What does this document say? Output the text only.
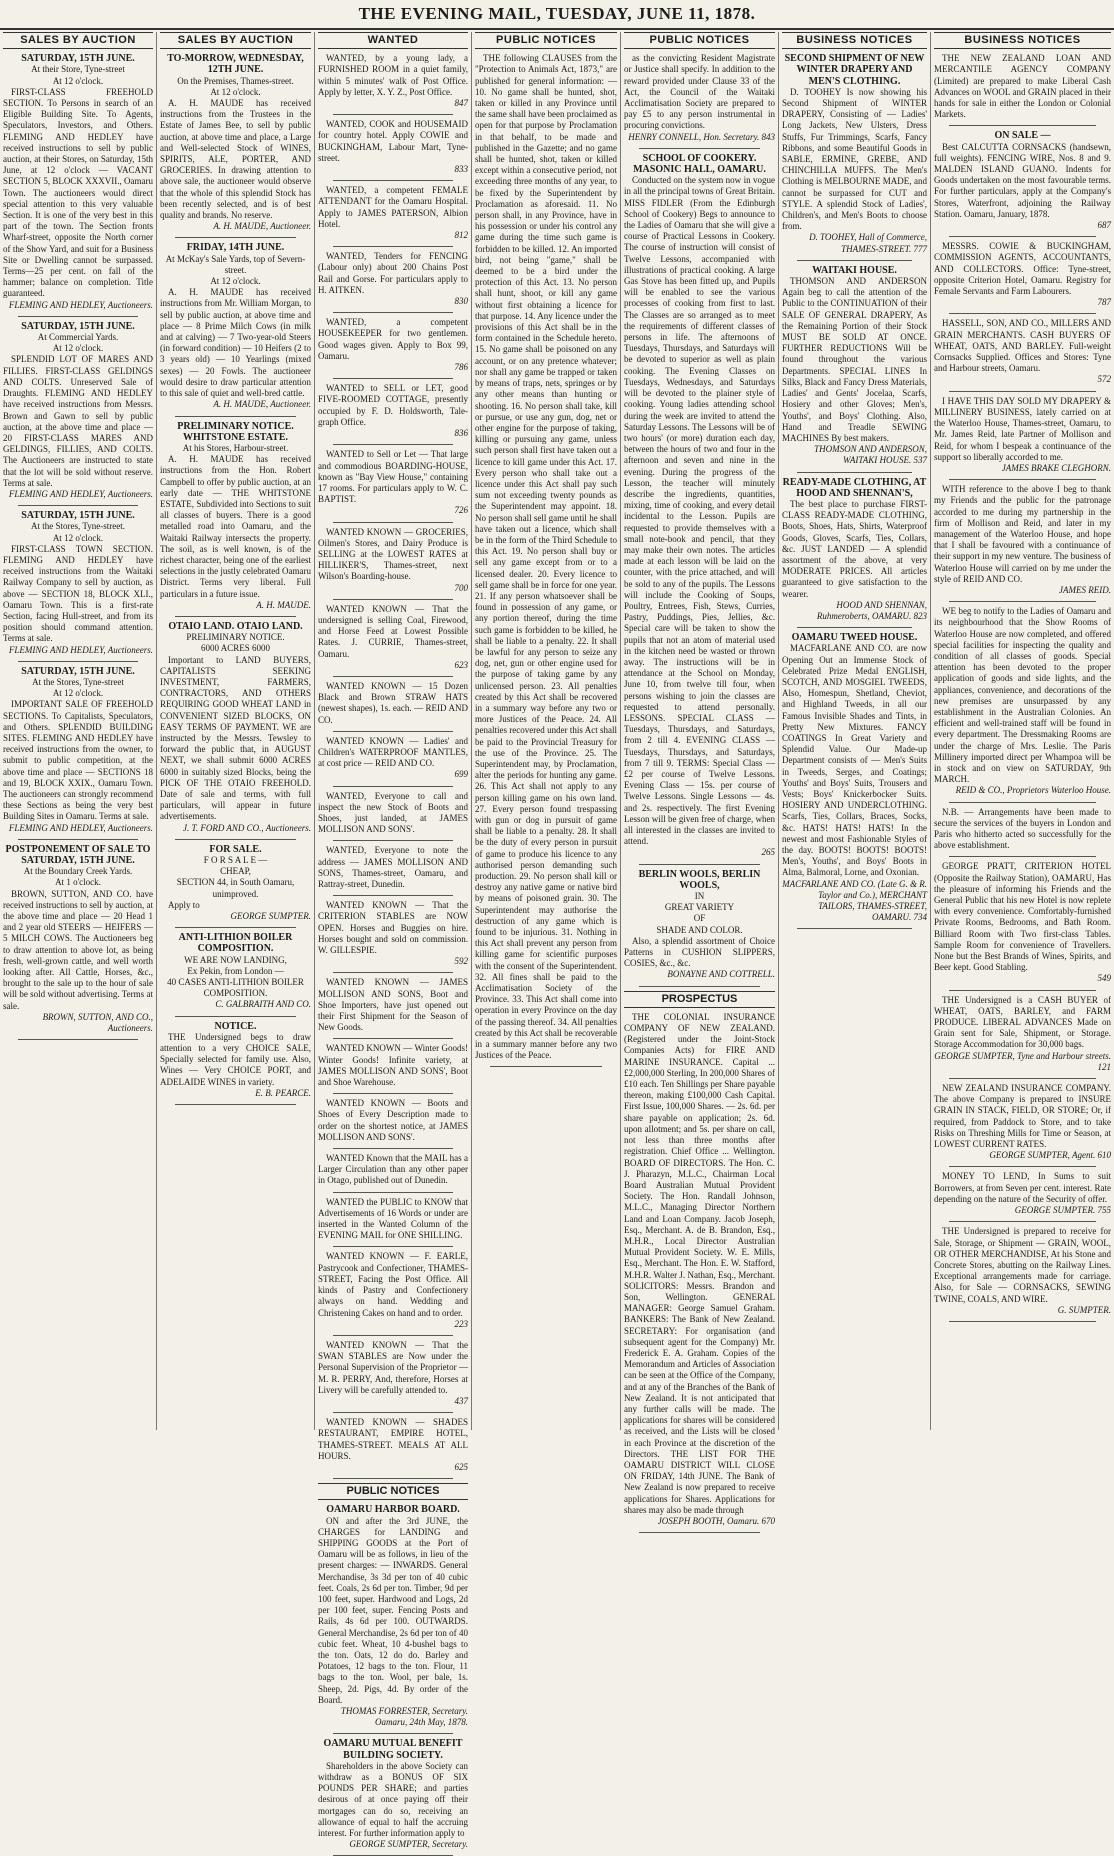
THE EVENING MAIL, TUESDAY, JUNE 11, 1878.
SALES BY AUCTION
SATURDAY, 15TH JUNE.
At their Store, Tyne-street
At 12 o'clock.
FIRST-CLASS FREEHOLD SECTION. To Persons in search of an Eligible Building Site. To Agents, Speculators, Investors, and Others. FLEMING AND HEDLEY have received instructions to sell by public auction, at their Stores, on Saturday, 15th June, at 12 o'clock — VACANT SECTION 5, BLOCK XXXVII., Oamaru Town. The auctioneers would direct special attention to this very valuable Section. It is one of the very best in this part of the town. The Section fronts Wharf-street, opposite the North corner of the Show Yard, and suit for a Business Site or Dwelling cannot be surpassed. Terms—25 per cent. on fall of the hammer; balance on completion. Title guaranteed.
FLEMING AND HEDLEY, Auctioneers.
SATURDAY, 15TH JUNE.
At Commercial Yards.
At 12 o'clock.
SPLENDID LOT OF MARES AND FILLIES. FIRST-CLASS GELDINGS AND COLTS. Unreserved Sale of Draughts. FLEMING AND HEDLEY have received instructions from Messrs. Brown and Gawn to sell by public auction, at the above time and place — 20 FIRST-CLASS MARES AND GELDINGS, FILLIES, AND COLTS. The Auctioneers are instructed to state that the lot will be sold without reserve. Terms at sale.
FLEMING AND HEDLEY, Auctioneers.
SATURDAY, 15TH JUNE.
At the Stores, Tyne-street.
At 12 o'clock.
FIRST-CLASS TOWN SECTION. FLEMING AND HEDLEY have received instructions from the Waitaki Railway Company to sell by auction, as above — SECTION 18, BLOCK XLI., Oamaru Town. This is a first-rate Section, facing Hull-street, and from its position should command attention. Terms at sale.
FLEMING AND HEDLEY, Auctioneers.
SATURDAY, 15TH JUNE.
At the Stores, Tyne-street
At 12 o'clock.
IMPORTANT SALE OF FREEHOLD SECTIONS. To Capitalists, Speculators, and Others. SPLENDID BUILDING SITES. FLEMING AND HEDLEY have received instructions from the owner, to submit to public competition, at the above time and place — SECTIONS 18 and 19, BLOCK XXIX., Oamaru Town. The auctioneers can strongly recommend these Sections as being the very best Building Sites in Oamaru. Terms at sale.
FLEMING AND HEDLEY, Auctioneers.
POSTPONEMENT OF SALE TO SATURDAY, 15TH JUNE.
At the Boundary Creek Yards.
At 1 o'clock.
BROWN, SUTTON, AND CO. have received instructions to sell by auction, at the above time and place — 20 Head 1 and 2 year old STEERS — HEIFERS — 5 MILCH COWS. The Auctioneers beg to draw attention to above lot, as being fresh, well-grown cattle, and well worth looking after. All Cattle, Horses, &c., brought to the sale up to the hour of sale will be sold without advertising. Terms at sale.
BROWN, SUTTON, AND CO., Auctioneers.
SALES BY AUCTION
TO-MORROW, WEDNESDAY, 12TH JUNE.
On the Premises, Thames-street.
At 12 o'clock.
A. H. MAUDE has received instructions from the Trustees in the Estate of James Bee, to sell by public auction, at above time and place, a Large and Well-selected Stock of WINES, SPIRITS, ALE, PORTER, AND GROCERIES. In drawing attention to above sale, the auctioneer would observe that the whole of this splendid Stock has been recently selected, and is of best quality and brands. No reserve.
A. H. MAUDE, Auctioneer.
FRIDAY, 14TH JUNE.
At McKay's Sale Yards, top of Severn-street.
At 12 o'clock.
A. H. MAUDE has received instructions from Mr. William Morgan, to sell by public auction, at above time and place — 8 Prime Milch Cows (in milk and at calving) — 7 Two-year-old Steers (in forward condition) — 10 Heifers (2 to 3 years old) — 10 Yearlings (mixed sexes) — 20 Fowls. The auctioneer would desire to draw particular attention to this sale of quiet and well-bred cattle.
A. H. MAUDE, Auctioneer.
PRELIMINARY NOTICE. WHITSTONE ESTATE.
At his Stores, Harbour-street.
A. H. MAUDE has received instructions from the Hon. Robert Campbell to offer by public auction, at an early date — THE WHITSTONE ESTATE, Subdivided into Sections to suit all classes of buyers. There is a good metalled road into Oamaru, and the Waitaki Railway intersects the property. The soil, as is well known, is of the richest character, being one of the earliest selections in the justly celebrated Oamaru District. Terms very liberal. Full particulars in a future issue.
A. H. MAUDE.
OTAIO LAND. OTAIO LAND.
PRELIMINARY NOTICE.
6000 ACRES 6000
Important to LAND BUYERS, CAPITALISTS SEEKING INVESTMENT, FARMERS, CONTRACTORS, AND OTHERS REQUIRING GOOD WHEAT LAND in CONVENIENT SIZED BLOCKS, ON EASY TERMS OF PAYMENT. WE are instructed by the Messrs. Tewsley to forward the public that, in AUGUST NEXT, we shall submit 6000 ACRES 6000 in suitably sized Blocks, being the PICK OF THE OTAIO FREEHOLD. Date of sale and terms, with full particulars, will appear in future advertisements.
J. T. FORD AND CO., Auctioneers.
FOR SALE.
F O R S A L E —
CHEAP,
SECTION 44, in South Oamaru, unimproved.
Apply to
GEORGE SUMPTER.
ANTI-LITHION BOILER COMPOSITION.
WE ARE NOW LANDING,
Ex Pekin, from London —
40 CASES ANTI-LITHION BOILER COMPOSITION.
C. GALBRAITH AND CO.
NOTICE.
THE Undersigned begs to draw attention to a very CHOICE SALE, Specially selected for family use. Also, Wines — Very CHOICE PORT, and ADELAIDE WINES in variety.
E. B. PEARCE.
WANTED
WANTED, by a young lady, a FURNISHED ROOM in a quiet family, within 5 minutes' walk of Post Office. Apply by letter, X. Y. Z., Post Office.
847
WANTED, COOK and HOUSEMAID for country hotel. Apply COWIE and BUCKINGHAM, Labour Mart, Tyne-street.
833
WANTED, a competent FEMALE ATTENDANT for the Oamaru Hospital. Apply to JAMES PATERSON, Albion Hotel.
812
WANTED, Tenders for FENCING (Labour only) about 200 Chains Post Rail and Gorse. For particulars apply to H. AITKEN.
830
WANTED, a competent HOUSEKEEPER for two gentlemen. Good wages given. Apply to Box 99, Oamaru.
786
WANTED to SELL or LET, good FIVE-ROOMED COTTAGE, presently occupied by F. D. Holdsworth, Tale-graph Office.
836
WANTED to Sell or Let — That large and commodious BOARDING-HOUSE, known as "Bay View House," containing 17 rooms. For particulars apply to W. C. BAPTIST.
726
WANTED KNOWN — GROCERIES, Oilmen's Stores, and Dairy Produce is SELLING at the LOWEST RATES at HILLIKER'S, Thames-street, next Wilson's Boarding-house.
700
WANTED KNOWN — That the undersigned is selling Coal, Firewood, and Horse Feed at Lowest Possible Rates. J. CURRIE, Thames-street, Oamaru.
623
WANTED KNOWN — 15 Dozen Black and Brown STRAW HATS (newest shapes), 1s. each. — REID AND CO.
WANTED KNOWN — Ladies' and Children's WATERPROOF MANTLES, at cost price — REID AND CO.
699
WANTED, Everyone to call and inspect the new Stock of Boots and Shoes, just landed, at JAMES MOLLISON AND SONS'.
WANTED, Everyone to note the address — JAMES MOLLISON AND SONS, Thames-street, Oamaru, and Rattray-street, Dunedin.
WANTED KNOWN — That the CRITERION STABLES are NOW OPEN. Horses and Buggies on hire. Horses bought and sold on commission. W. GILLESPIE.
592
WANTED KNOWN — JAMES MOLLISON AND SONS, Boot and Shoe Importers, have just opened out their First Shipment for the Season of New Goods.
WANTED KNOWN — Winter Goods! Winter Goods! Infinite variety, at JAMES MOLLISON AND SONS', Boot and Shoe Warehouse.
WANTED KNOWN — Boots and Shoes of Every Description made to order on the shortest notice, at JAMES MOLLISON AND SONS'.
WANTED Known that the MAIL has a Larger Circulation than any other paper in Otago, published out of Dunedin.
WANTED the PUBLIC to KNOW that Advertisements of 16 Words or under are inserted in the Wanted Column of the EVENING MAIL for ONE SHILLING.
WANTED KNOWN — F. EARLE, Pastrycook and Confectioner, THAMES-STREET, Facing the Post Office. All kinds of Pastry and Confectionery always on hand. Wedding and Christening Cakes on hand and to order.
223
WANTED KNOWN — That the SWAN STABLES are Now under the Personal Supervision of the Proprietor — M. R. PERRY, And, therefore, Horses at Livery will be carefully attended to.
437
WANTED KNOWN — SHADES RESTAURANT, EMPIRE HOTEL, THAMES-STREET. MEALS AT ALL HOURS.
625
PUBLIC NOTICES
OAMARU HARBOR BOARD.
ON and after the 3rd JUNE, the CHARGES for LANDING and SHIPPING GOODS at the Port of Oamaru will be as follows, in lieu of the present charges: — INWARDS. General Merchandise, 3s 3d per ton of 40 cubic feet. Coals, 2s 6d per ton. Timber, 9d per 100 feet, super. Hardwood and Logs, 2d per 100 feet, super. Fencing Posts and Rails, 4s 6d per 100. OUTWARDS. General Merchandise, 2s 6d per ton of 40 cubic feet. Wheat, 10 4-bushel bags to the ton. Oats, 12 do do. Barley and Potatoes, 12 bags to the ton. Flour, 11 bags to the ton. Wool, per bale, 1s. Sheep, 2d. Pigs, 4d. By order of the Board.
THOMAS FORRESTER, Secretary. Oamaru, 24th May, 1878.
OAMARU MUTUAL BENEFIT BUILDING SOCIETY.
Shareholders in the above Society can withdraw as a BONUS OF SIX POUNDS PER SHARE; and parties desirous of at once paying off their mortgages can do so, receiving an allowance of equal to half the accruing interest. For further information apply to
GEORGE SUMPTER, Secretary.
PUBLIC NOTICES
THE following CLAUSES from the "Protection to Animals Act, 1873," are published for general information: — 10. No game shall be hunted, shot, taken or killed in any Province until the same shall have been proclaimed as open for that purpose by Proclamation in that behalf, to be made and published in the Gazette; and no game shall be hunted, shot, taken or killed except within a consecutive period, not exceeding three months of any year, to be fixed by the Superintendent by Proclamation as aforesaid. 11. No person shall, in any Province, have in his possession or under his control any game during the time such game is forbidden to be killed. 12. An imported bird, not being "game," shall be deemed to be a bird under the protection of this Act. 13. No person shall hunt, shoot, or kill any game without first obtaining a licence for that purpose. 14. Any licence under the provisions of this Act shall be in the form contained in the Schedule hereto. 15. No game shall be poisoned on any account, or on any pretence whatever; nor shall any game be trapped or taken by means of traps, nets, springes or by any other means than hunting or shooting. 16. No person shall take, kill or pursue, or use any gun, dog, net or other engine for the purpose of taking, killing or pursuing any game, unless such person shall first have taken out a licence to kill game under this Act. 17. Every person who shall take out a licence under this Act shall pay such sum not exceeding twenty pounds as the Superintendent may appoint. 18. No person shall sell game until he shall have taken out a licence, which shall be in the form of the Third Schedule to this Act. 19. No person shall buy or sell any game except from or to a licensed dealer. 20. Every licence to sell game shall be in force for one year. 21. If any person whatsoever shall be found in possession of any game, or any portion thereof, during the time such game is forbidden to be killed, he shall be liable to a penalty. 22. It shall be lawful for any person to seize any dog, net, gun or other engine used for the purpose of taking game by any unlicensed person. 23. All penalties created by this Act shall be recovered in a summary way before any two or more Justices of the Peace. 24. All penalties recovered under this Act shall be paid to the Provincial Treasury for the use of the Province. 25. The Superintendent may, by Proclamation, alter the periods for hunting any game. 26. This Act shall not apply to any person killing game on his own land. 27. Every person found trespassing with gun or dog in pursuit of game shall be liable to a penalty. 28. It shall be the duty of every person in pursuit of game to produce his licence to any authorised person demanding such production. 29. No person shall kill or destroy any native game or native bird by means of poisoned grain. 30. The Superintendent may authorise the destruction of any game which is found to be injurious. 31. Nothing in this Act shall prevent any person from killing game for scientific purposes with the consent of the Superintendent. 32. All fines shall be paid to the Acclimatisation Society of the Province. 33. This Act shall come into operation in every Province on the day of the passing thereof. 34. All penalties created by this Act shall be recoverable in a summary manner before any two Justices of the Peace.
PUBLIC NOTICES
as the convicting Resident Magistrate or Justice shall specify. In addition to the reward provided under Clause 33 of the Act, the Council of the Waitaki Acclimatisation Society are prepared to pay £5 to any person instrumental in procuring convictions.
HENRY CONNELL, Hon. Secretary. 843
SCHOOL OF COOKERY. MASONIC HALL, OAMARU.
Conducted on the system now in vogue in all the principal towns of Great Britain. MISS FIDLER (From the Edinburgh School of Cookery) Begs to announce to the Ladies of Oamaru that she will give a course of Practical Lessons in Cookery. The course of instruction will consist of Twelve Lessons, accompanied with illustrations of practical cooking. A large Gas Stove has been fitted up, and Pupils will be enabled to see the various processes of cooking from first to last. The Classes are so arranged as to meet the requirements of different classes of persons in life. The afternoons of Tuesdays, Thursdays, and Saturdays will be devoted to superior as well as plain cooking. The Evening Classes on Tuesdays, Wednesdays, and Saturdays will be devoted to the plainer style of cooking. Young ladies attending school during the week are invited to attend the Saturday Lessons. The Lessons will be of two hours' (or more) duration each day, between the hours of two and four in the afternoon and seven and nine in the evening. During the progress of the Lesson, the teacher will minutely describe the ingredients, quantities, mixing, time of cooking, and every detail incidental to the Lesson. Pupils are requested to provide themselves with a small note-book and pencil, that they may make their own notes. The articles made at each lesson will be laid on the counter, with the price attached, and will be sold to any of the pupils. The Lessons will include the Cooking of Soups, Poultry, Entrees, Fish, Stews, Curries, Pastry, Puddings, Pies, Jellies, &c. Special care will be taken to show the pupils that not an atom of material used in the kitchen need be wasted or thrown away. The instructions will be in attendance at the School on Monday, June 10, from twelve till four, when persons wishing to join the classes are requested to attend personally. LESSONS. SPECIAL CLASS — Tuesdays, Thursdays, and Saturdays, from 2 till 4. EVENING CLASS — Tuesdays, Thursdays, and Saturdays, from 7 till 9. TERMS: Special Class — £2 per course of Twelve Lessons. Evening Class — 15s. per course of Twelve Lessons. Single Lessons — 4s. and 2s. respectively. The first Evening Lesson will be given free of charge, when all interested in the classes are invited to attend.
265
BERLIN WOOLS, BERLIN WOOLS,
IN
GREAT VARIETY
OF
SHADE AND COLOR.
Also, a splendid assortment of Choice Patterns in CUSHION SLIPPERS, COSIES, &c., &c.
BONAYNE AND COTTRELL.
PROSPECTUS
THE COLONIAL INSURANCE COMPANY OF NEW ZEALAND. (Registered under the Joint-Stock Companies Acts) for FIRE AND MARINE INSURANCE. Capital ... £2,000,000 Sterling, In 200,000 Shares of £10 each. Ten Shillings per Share payable thereon, making £100,000 Cash Capital. First Issue, 100,000 Shares. — 2s. 6d. per share payable on application; 2s. 6d. upon allotment; and 5s. per share on call, not less than three months after registration. Chief Office ... Wellington. BOARD OF DIRECTORS. The Hon. C. J. Pharazyn, M.L.C., Chairman Local Board Australian Mutual Provident Society. The Hon. Randall Johnson, M.L.C., Managing Director Northern Land and Loan Company. Jacob Joseph, Esq., Merchant. A. de B. Brandon, Esq., M.H.R., Local Director Australian Mutual Provident Society. W. E. Mills, Esq., Merchant. The Hon. E. W. Stafford, M.H.R. Walter J. Nathan, Esq., Merchant. SOLICITORS: Messrs. Brandon and Son, Wellington. GENERAL MANAGER: George Samuel Graham. BANKERS: The Bank of New Zealand. SECRETARY: For organisation (and subsequent agent for the Company) Mr. Frederick E. A. Graham. Copies of the Memorandum and Articles of Association can be seen at the Office of the Company, and at any of the Branches of the Bank of New Zealand. It is not anticipated that any further calls will be made. The applications for shares will be considered as received, and the Lists will be closed in each Province at the discretion of the Directors. THE LIST FOR THE OAMARU DISTRICT WILL CLOSE ON FRIDAY, 14th JUNE. The Bank of New Zealand is now prepared to receive applications for Shares. Applications for shares may also be made through
JOSEPH BOOTH, Oamaru. 670
BUSINESS NOTICES
SECOND SHIPMENT OF NEW WINTER DRAPERY AND MEN'S CLOTHING.
D. TOOHEY Is now showing his Second Shipment of WINTER DRAPERY, Consisting of — Ladies' Long Jackets, New Ulsters, Dress Stuffs, Fur Trimmings, Scarfs, Fancy Ribbons, and some Beautiful Goods in SABLE, ERMINE, GREBE, AND CHINCHILLA MUFFS. The Men's Clothing is MELBOURNE MADE, and cannot be surpassed for CUT and STYLE. A splendid Stock of Ladies', Children's, and Men's Boots to choose from.
D. TOOHEY, Hall of Commerce, THAMES-STREET. 777
WAITAKI HOUSE.
THOMSON AND ANDERSON Again beg to call the attention of the Public to the CONTINUATION of their SALE OF GENERAL DRAPERY, As the Remaining Portion of their Stock MUST BE SOLD AT ONCE. FURTHER REDUCTIONS Will be found throughout the various Departments. SPECIAL LINES In Silks, Black and Fancy Dress Materials, Ladies' and Gents' Jocelaa, Scarfs, Hosiery and other Gloves; Men's, Youths', and Boys' Clothing. Also, Hand and Treadle SEWING MACHINES By best makers.
THOMSON AND ANDERSON, WAITAKI HOUSE. 537
READY-MADE CLOTHING, AT HOOD AND SHENNAN'S,
The best place to purchase FIRST-CLASS READY-MADE CLOTHING, Boots, Shoes, Hats, Shirts, Waterproof Goods, Gloves, Scarfs, Ties, Collars, &c. JUST LANDED — A splendid assortment of the above, at very MODERATE PRICES. All articles guaranteed to give satisfaction to the wearer.
HOOD AND SHENNAN, Ruhmeroberts, OAMARU. 823
OAMARU TWEED HOUSE.
MACFARLANE AND CO. are now Opening Out an Immense Stock of Celebrated Prize Medal ENGLISH, SCOTCH, AND MOSGIEL TWEEDS, Also, Homespun, Shetland, Cheviot, and Highland Tweeds, in all our Famous Invisible Shades and Tints, in Pretty New Mixtures. FANCY COATINGS In Great Variety and Splendid Value. Our Made-up Department consists of — Men's Suits in Tweeds, Serges, and Coatings; Youths' and Boys' Suits, Trousers and Vests; Boys' Knickerbocker Suits. HOSIERY AND UNDERCLOTHING. Scarfs, Ties, Collars, Braces, Socks, &c. HATS! HATS! HATS! In the newest and most Fashionable Styles of the day. BOOTS! BOOTS! BOOTS! Men's, Youths', and Boys' Boots in Alma, Balmoral, Lorne, and Oxonian.
MACFARLANE AND CO. (Late G. & R. Taylor and Co.), MERCHANT TAILORS, THAMES-STREET, OAMARU. 734
BUSINESS NOTICES
THE NEW ZEALAND LOAN AND MERCANTILE AGENCY COMPANY (Limited) are prepared to make Liberal Cash Advances on WOOL and GRAIN placed in their hands for sale in either the London or Colonial Markets.
ON SALE —
Best CALCUTTA CORNSACKS (handsewn, full weights). FENCING WIRE, Nos. 8 and 9. MALDEN ISLAND GUANO. Indents for Goods undertaken on the most favourable terms. For further particulars, apply at the Company's Stores, Waterfront, adjoining the Railway Station. Oamaru, January, 1878.
687
MESSRS. COWIE & BUCKINGHAM, COMMISSION AGENTS, ACCOUNTANTS, AND COLLECTORS. Office: Tyne-street, opposite Criterion Hotel, Oamaru. Registry for Female Servants and Farm Labourers.
787
HASSELL, SON, AND CO., MILLERS AND GRAIN MERCHANTS. CASH BUYERS OF WHEAT, OATS, AND BARLEY. Full-weight Cornsacks Supplied. Offices and Stores: Tyne and Harbour streets, Oamaru.
572
I HAVE THIS DAY SOLD MY DRAPERY & MILLINERY BUSINESS, lately carried on at the Waterloo House, Thames-street, Oamaru, to Mr. James Reid, late Partner of Mollison and Reid, for whom I bespeak a continuance of the support so liberally accorded to me.
JAMES BRAKE CLEGHORN.
WITH reference to the above I beg to thank my Friends and the public for the patronage accorded to me during my partnership in the firm of Mollison and Reid, and later in my management of the Waterloo House, and hope that I shall be favoured with a continuance of their support in my new venture. The business of Waterloo House will carried on by me under the style of REID AND CO.
JAMES REID.
WE beg to notify to the Ladies of Oamaru and its neighbourhood that the Show Rooms of Waterloo House are now completed, and offered special facilities for inspecting the quality and condition of all classes of goods. Special attention has been devoted to the proper application of goods and side lights, and the appliances, convenience, and decorations of the new premises are unsurpassed by any establishment in the Australian Colonies. An efficient and well-trained staff will be found in every department. The Dressmaking Rooms are under the charge of Mrs. Leslie. The Paris Millinery imported direct per Whampoa will be in stock and on view on SATURDAY, 9th MARCH.
REID & CO., Proprietors Waterloo House.
N.B. — Arrangements have been made to secure the services of the buyers in London and Paris who hitherto acted so successfully for the above establishment.
GEORGE PRATT, CRITERION HOTEL (Opposite the Railway Station), OAMARU, Has the pleasure of informing his Friends and the General Public that his new Hotel is now replete with every convenience. Comfortably-furnished Private Rooms, Bedrooms, and Bath Room. Billiard Room with Two first-class Tables. Sample Room for convenience of Travellers. None but the Best Brands of Wines, Spirits, and Beer kept. Good Stabling.
549
THE Undersigned is a CASH BUYER of WHEAT, OATS, BARLEY, and FARM PRODUCE. LIBERAL ADVANCES Made on Grain sent for Sale, Shipment, or Storage. Storage Accommodation for 30,000 bags.
GEORGE SUMPTER, Tyne and Harbour streets. 121
NEW ZEALAND INSURANCE COMPANY. The above Company is prepared to INSURE GRAIN IN STACK, FIELD, OR STORE; Or, if required, from Paddock to Store, and to take Risks on Threshing Mills for Time or Season, at LOWEST CURRENT RATES.
GEORGE SUMPTER, Agent. 610
MONEY TO LEND, In Sums to suit Borrowers, at from Seven per cent. interest. Rate depending on the nature of the Security of offer.
GEORGE SUMPTER. 755
THE Undersigned is prepared to receive for Sale, Storage, or Shipment — GRAIN, WOOL, OR OTHER MERCHANDISE, At his Stone and Concrete Stores, abutting on the Railway Lines. Exceptional arrangements made for carriage. Also, for Sale — CORNSACKS, SEWING TWINE, COALS, AND WIRE.
G. SUMPTER.
